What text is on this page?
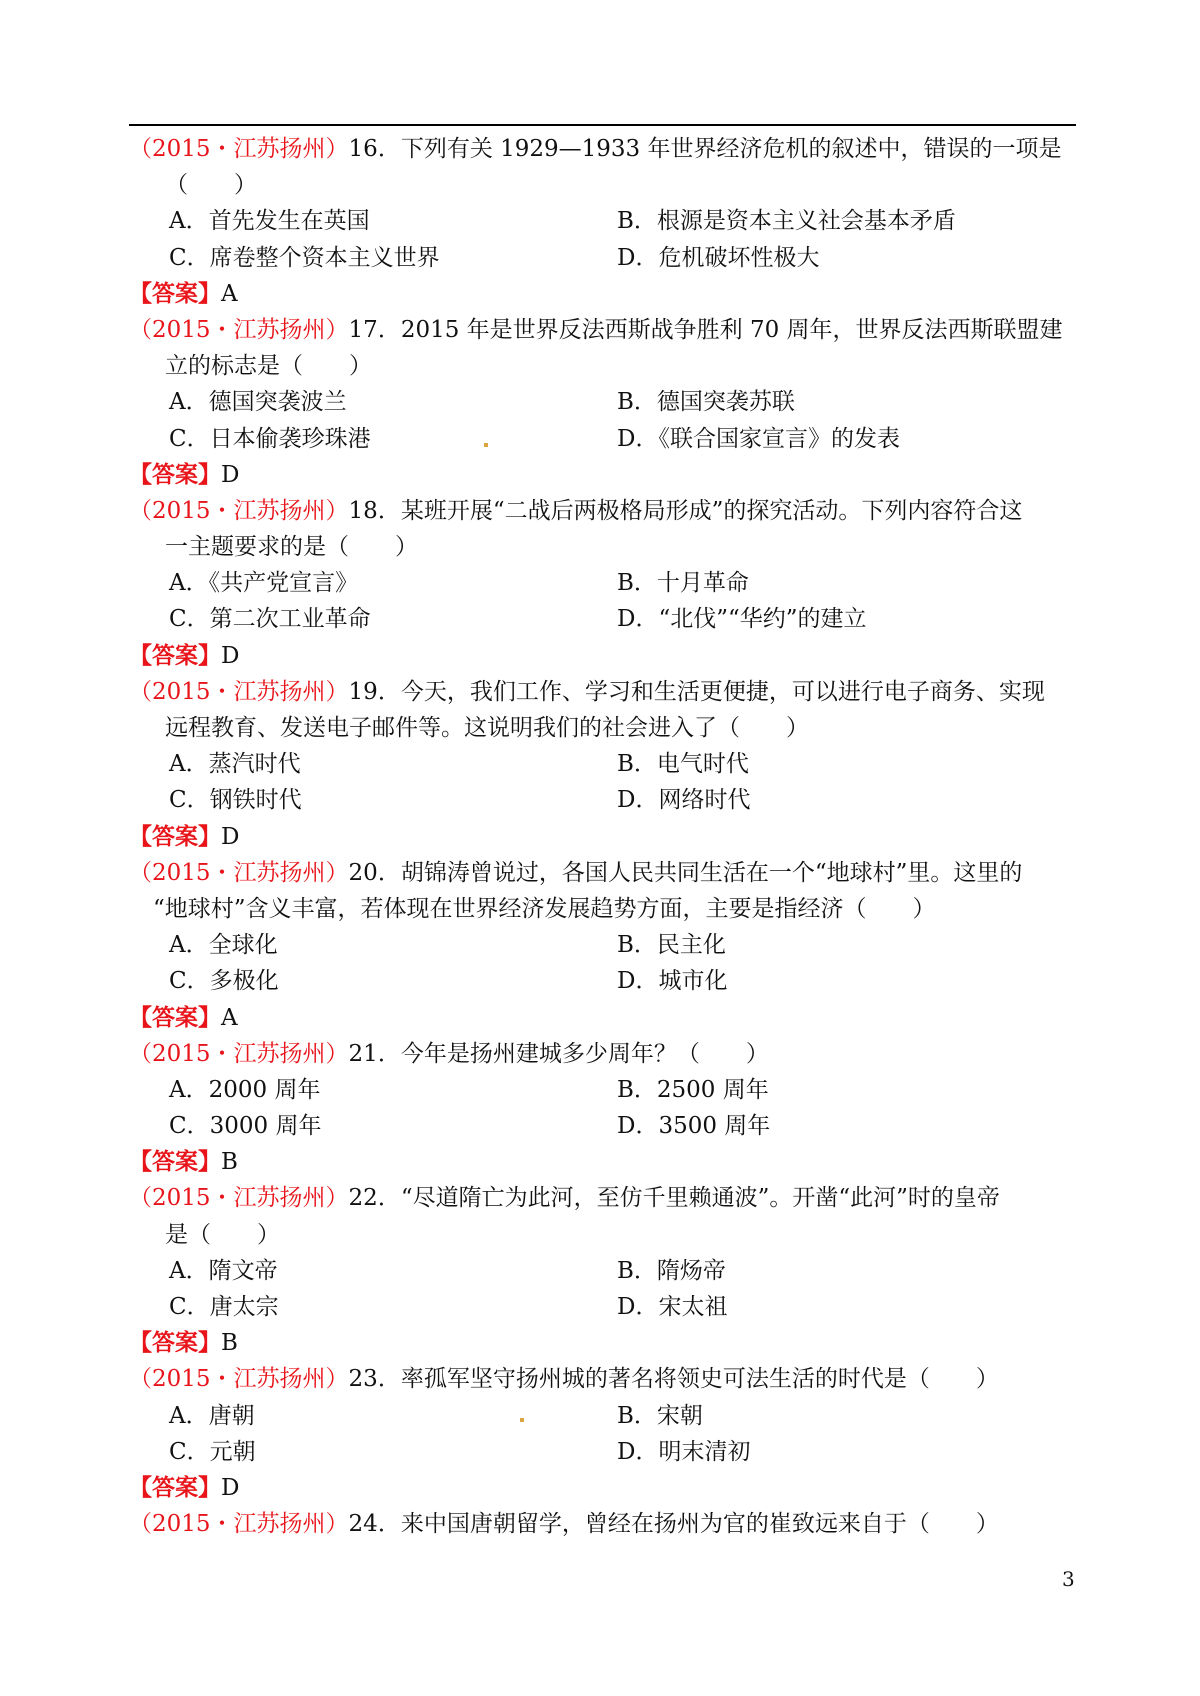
（2015・江苏扬州）16．下列有关 1929—1933 年世界经济危机的叙述中，错误的一项是
（　　）
A．首先发生在英国	B．根源是资本主义社会基本矛盾
C．席卷整个资本主义世界	D．危机破坏性极大
【答案】A
（2015・江苏扬州）17．2015 年是世界反法西斯战争胜利 70 周年，世界反法西斯联盟建
立的标志是（　　）
A．德国突袭波兰	B．德国突袭苏联
C．日本偷袭珍珠港	D．《联合国家宣言》的发表
【答案】D
（2015・江苏扬州）18．某班开展“二战后两极格局形成”的探究活动。下列内容符合这
一主题要求的是（　　）
A．《共产党宣言》	B．十月革命
C．第二次工业革命	D．“北伐”“华约”的建立
【答案】D
（2015・江苏扬州）19．今天，我们工作、学习和生活更便捷，可以进行电子商务、实现
远程教育、发送电子邮件等。这说明我们的社会进入了（　　）
A．蒸汽时代	B．电气时代
C．钢铁时代	D．网络时代
【答案】D
（2015・江苏扬州）20．胡锦涛曾说过，各国人民共同生活在一个“地球村”里。这里的
“地球村”含义丰富，若体现在世界经济发展趋势方面，主要是指经济（　　）
A．全球化	B．民主化
C．多极化	D．城市化
【答案】A
（2015・江苏扬州）21．今年是扬州建城多少周年？（　　）
A．2000 周年	B．2500 周年
C．3000 周年	D．3500 周年
【答案】B
（2015・江苏扬州）22．“尽道隋亡为此河，至仿千里赖通波”。开凿“此河”时的皇帝
是（　　）
A．隋文帝	B．隋炀帝
C．唐太宗	D．宋太祖
【答案】B
（2015・江苏扬州）23．率孤军坚守扬州城的著名将领史可法生活的时代是（　　）
A．唐朝	B．宋朝
C．元朝	D．明末清初
【答案】D
（2015・江苏扬州）24．来中国唐朝留学，曾经在扬州为官的崔致远来自于（　　）
3
